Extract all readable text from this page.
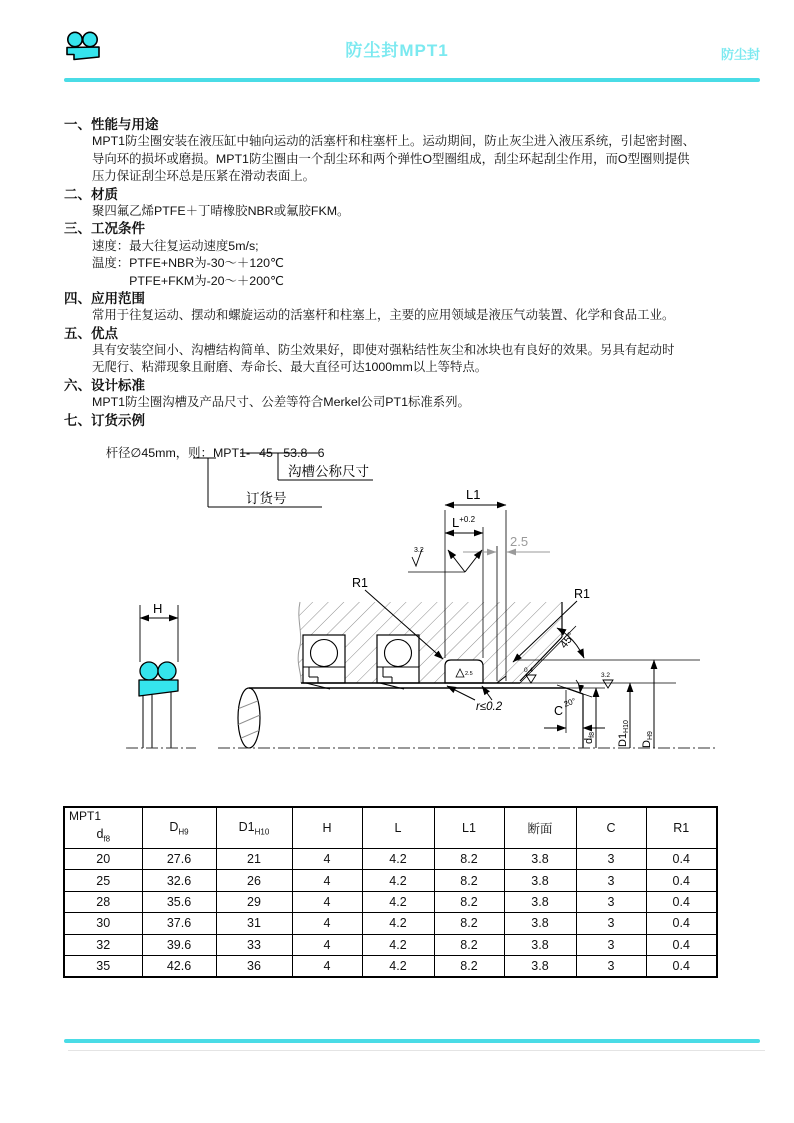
防尘封MPT1	防尘封
一、性能与用途
MPT1防尘圈安装在液压缸中轴向运动的活塞杆和柱塞杆上。运动期间，防止灰尘进入液压系统，引起密封圈、
导向环的损坏或磨损。MPT1防尘圈由一个刮尘环和两个弹性O型圈组成，刮尘环起刮尘作用，而O型圈则提供
压力保证刮尘环总是压紧在滑动表面上。
二、材质
聚四氟乙烯PTFE＋丁晴橡胶NBR或氟胶FKM。
三、工况条件
速度：最大往复运动速度5m/s;
温度：PTFE+NBR为-30～＋120℃
　　　PTFE+FKM为-20～＋200℃
四、应用范围
常用于往复运动、摆动和螺旋运动的活塞杆和柱塞上，主要的应用领域是液压气动装置、化学和食品工业。
五、优点
具有安装空间小、沟槽结构简单、防尘效果好，即使对强粘结性灰尘和冰块也有良好的效果。另具有起动时
无爬行、粘滞现象且耐磨、寿命长、最大直径可达1000mm以上等特点。
六、设计标准
MPT1防尘圈沟槽及产品尺寸、公差等符合Merkel公司PT1标准系列。
七、订货示例

杆径∅45mm，则：MPT1- 45   53.8   6

订货号
沟槽公称尺寸
H
L1
$L^{+0.2}$
2.5
3.2
2.5	0.4
3.2
R1
R1
45°
20°
r≤0.2	C
df8 D1H10
DH9
MPT1
$d_{f8}$	$D_{H9}$	$D1_{H10}$	H	L	L1	断面	C	R1
20	27.6	21	4	4.2	8.2	3.8	3	0.4
25	32.6	26	4	4.2	8.2	3.8	3	0.4
28	35.6	29	4	4.2	8.2	3.8	3	0.4
30	37.6	31	4	4.2	8.2	3.8	3	0.4
32	39.6	33	4	4.2	8.2	3.8	3	0.4
35	42.6	36	4	4.2	8.2	3.8	3	0.4
